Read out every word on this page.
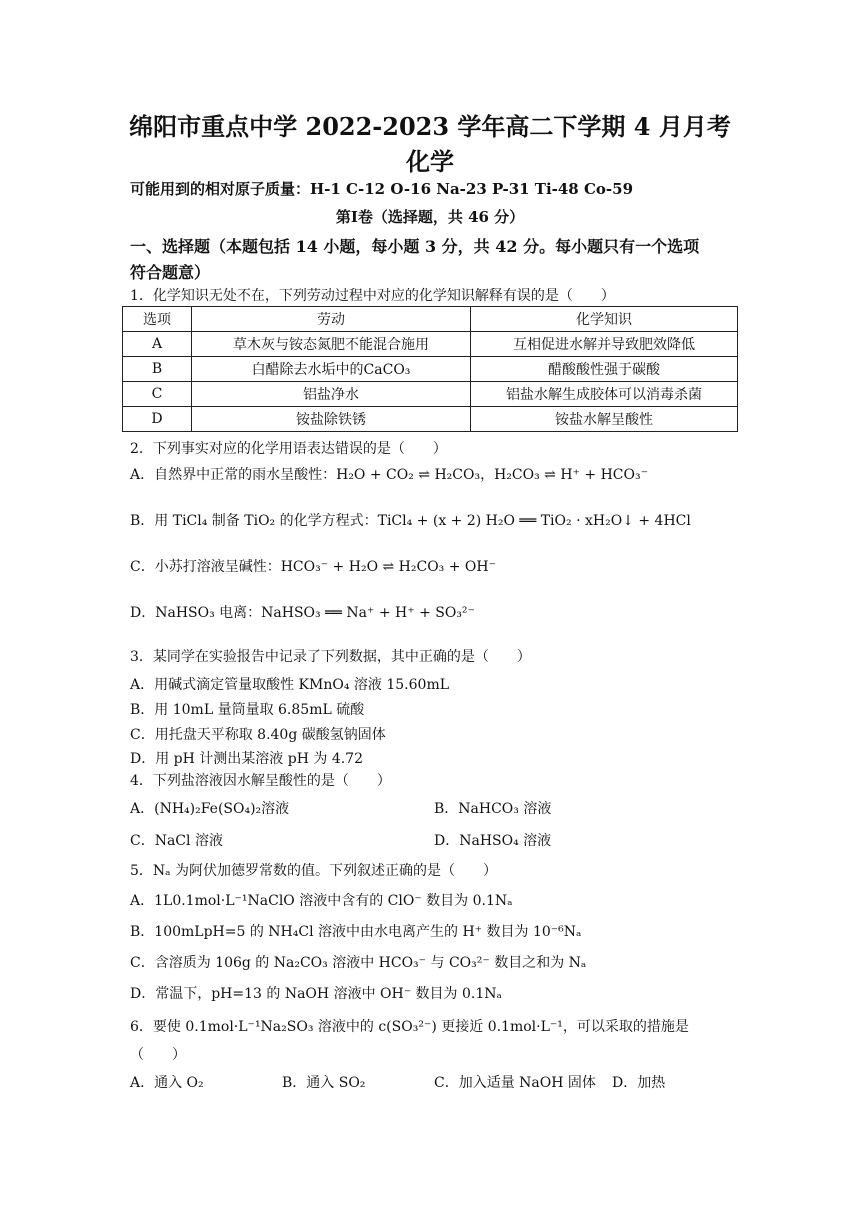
绵阳市重点中学 2022-2023 学年高二下学期 4 月月考
化学
可能用到的相对原子质量：H-1 C-12 O-16 Na-23 P-31 Ti-48 Co-59
第Ⅰ卷（选择题，共 46 分）
一、选择题（本题包括 14 小题，每小题 3 分，共 42 分。每小题只有一个选项
符合题意）
1．化学知识无处不在，下列劳动过程中对应的化学知识解释有误的是（　　）
选项	劳动	化学知识
A	草木灰与铵态氮肥不能混合施用	互相促进水解并导致肥效降低
B	白醋除去水垢中的CaCO₃	醋酸酸性强于碳酸
C	铝盐净水	铝盐水解生成胶体可以消毒杀菌
D	铵盐除铁锈	铵盐水解呈酸性
2．下列事实对应的化学用语表达错误的是（　　）
A．自然界中正常的雨水呈酸性：H₂O + CO₂ ⇌ H₂CO₃，H₂CO₃ ⇌ H⁺ + HCO₃⁻
B．用 TiCl₄ 制备 TiO₂ 的化学方程式：TiCl₄ + (x + 2) H₂O ══ TiO₂ · xH₂O↓ + 4HCl
C．小苏打溶液呈碱性：HCO₃⁻ + H₂O ⇌ H₂CO₃ + OH⁻
D．NaHSO₃ 电离：NaHSO₃ ══ Na⁺ + H⁺ + SO₃²⁻
3．某同学在实验报告中记录了下列数据，其中正确的是（　　）
A．用碱式滴定管量取酸性 KMnO₄ 溶液 15.60mL
B．用 10mL 量筒量取 6.85mL 硫酸
C．用托盘天平称取 8.40g 碳酸氢钠固体
D．用 pH 计测出某溶液 pH 为 4.72
4．下列盐溶液因水解呈酸性的是（　　）
A．(NH₄)₂Fe(SO₄)₂溶液	B．NaHCO₃ 溶液
C．NaCl 溶液	D．NaHSO₄ 溶液
5．Nₐ 为阿伏加德罗常数的值。下列叙述正确的是（　　）
A．1L0.1mol·L⁻¹NaClO 溶液中含有的 ClO⁻ 数目为 0.1Nₐ
B．100mLpH=5 的 NH₄Cl 溶液中由水电离产生的 H⁺ 数目为 10⁻⁶Nₐ
C．含溶质为 106g 的 Na₂CO₃ 溶液中 HCO₃⁻ 与 CO₃²⁻ 数目之和为 Nₐ
D．常温下，pH=13 的 NaOH 溶液中 OH⁻ 数目为 0.1Nₐ
6．要使 0.1mol·L⁻¹Na₂SO₃ 溶液中的 c(SO₃²⁻) 更接近 0.1mol·L⁻¹，可以采取的措施是
（　　）
A．通入 O₂	B．通入 SO₂	C．加入适量 NaOH 固体 D．加热
